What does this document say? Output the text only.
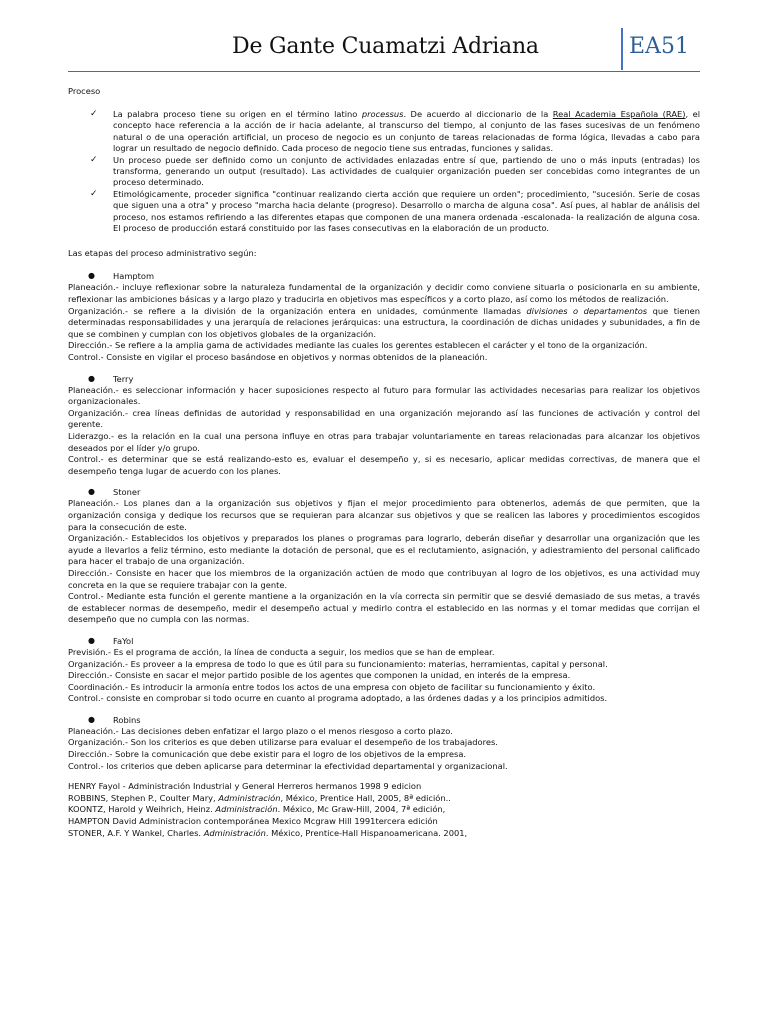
De Gante Cuamatzi Adriana	EA51

Proceso

✓ La palabra proceso tiene su origen en el término latino processus. De acuerdo al diccionario de la Real Academia Española (RAE), el concepto hace referencia a la acción de ir hacia adelante, al transcurso del tiempo, al conjunto de las fases sucesivas de un fenómeno natural o de una operación artificial, un proceso de negocio es un conjunto de tareas relacionadas de forma lógica, llevadas a cabo para lograr un resultado de negocio definido. Cada proceso de negocio tiene sus entradas, funciones y salidas.
✓ Un proceso puede ser definido como un conjunto de actividades enlazadas entre sí que, partiendo de uno o más inputs (entradas) los transforma, generando un output (resultado). Las actividades de cualquier organización pueden ser concebidas como integrantes de un proceso determinado.
✓ Etimológicamente, proceder significa "continuar realizando cierta acción que requiere un orden"; procedimiento, "sucesión. Serie de cosas que siguen una a otra" y proceso "marcha hacia delante (progreso). Desarrollo o marcha de alguna cosa". Así pues, al hablar de análisis del proceso, nos estamos refiriendo a las diferentes etapas que componen de una manera ordenada -escalonada- la realización de alguna cosa. El proceso de producción estará constituido por las fases consecutivas en la elaboración de un producto.

Las etapas del proceso administrativo según:

● Hamptom

Planeación.- incluye reflexionar sobre la naturaleza fundamental de la organización y decidir como conviene situarla o posicionarla en su ambiente, reflexionar las ambiciones básicas y a largo plazo y traducirla en objetivos mas específicos y a corto plazo, así como los métodos de realización.

Organización.- se refiere a la división de la organización entera en unidades, comúnmente llamadas divisiones o departamentos que tienen determinadas responsabilidades y una jerarquía de relaciones jerárquicas: una estructura, la coordinación de dichas unidades y subunidades, a fin de que se combinen y cumplan con los objetivos globales de la organización.

Dirección.- Se refiere a la amplia gama de actividades mediante las cuales los gerentes establecen el carácter y el tono de la organización.

Control.- Consiste en vigilar el proceso basándose en objetivos y normas obtenidos de la planeación.

● Terry

Planeación.- es seleccionar información y hacer suposiciones respecto al futuro para formular las actividades necesarias para realizar los objetivos organizacionales.

Organización.- crea líneas definidas de autoridad y responsabilidad en una organización mejorando así las funciones de activación y control del gerente.

Liderazgo.- es la relación en la cual una persona influye en otras para trabajar voluntariamente en tareas relacionadas para alcanzar los objetivos deseados por el líder y/o grupo.

Control.- es determinar que se está realizando-esto es, evaluar el desempeño y, si es necesario, aplicar medidas correctivas, de manera que el desempeño tenga lugar de acuerdo con los planes.

● Stoner

Planeación.- Los planes dan a la organización sus objetivos y fijan el mejor procedimiento para obtenerlos, además de que permiten, que la organización consiga y dedique los recursos que se requieran para alcanzar sus objetivos y que se realicen las labores y procedimientos escogidos para la consecución de este.

Organización.- Establecidos los objetivos y preparados los planes o programas para lograrlo, deberán diseñar y desarrollar una organización que les ayude a llevarlos a feliz término, esto mediante la dotación de personal, que es el reclutamiento, asignación, y adiestramiento del personal calificado para hacer el trabajo de una organización.

Dirección.- Consiste en hacer que los miembros de la organización actúen de modo que contribuyan al logro de los objetivos, es una actividad muy concreta en la que se requiere trabajar con la gente.

Control.- Mediante esta función el gerente mantiene a la organización en la vía correcta sin permitir que se desvié demasiado de sus metas, a través de establecer normas de desempeño, medir el desempeño actual y medirlo contra el establecido en las normas y el tomar medidas que corrijan el desempeño que no cumpla con las normas.

● FaYol

Previsión.- Es el programa de acción, la línea de conducta a seguir, los medios que se han de emplear.

Organización.- Es proveer a la empresa de todo lo que es útil para su funcionamiento: materias, herramientas, capital y personal.

Dirección.- Consiste en sacar el mejor partido posible de los agentes que componen la unidad, en interés de la empresa.

Coordinación.- Es introducir la armonía entre todos los actos de una empresa con objeto de facilitar su funcionamiento y éxito.

Control.- consiste en comprobar si todo ocurre en cuanto al programa adoptado, a las órdenes dadas y a los principios admitidos.

● Robins

Planeación.- Las decisiones deben enfatizar el largo plazo o el menos riesgoso a corto plazo.

Organización.- Son los criterios es que deben utilizarse para evaluar el desempeño de los trabajadores.

Dirección.- Sobre la comunicación que debe existir para el logro de los objetivos de la empresa.

Control.- los criterios que deben aplicarse para determinar la efectividad departamental y organizacional.

HENRY Fayol - Administración Industrial y General Herreros hermanos 1998 9 edicion

ROBBINS, Stephen P., Coulter Mary, Administración, México, Prentice Hall, 2005, 8ª edición..

KOONTZ, Harold y Weihrich, Heinz. Administración. México, Mc Graw-Hill, 2004, 7ª edición,

HAMPTON David Administracion contemporánea Mexico Mcgraw Hill 1991tercera edición

STONER, A.F. Y Wankel, Charles. Administración. México, Prentice-Hall Hispanoamericana. 2001,
